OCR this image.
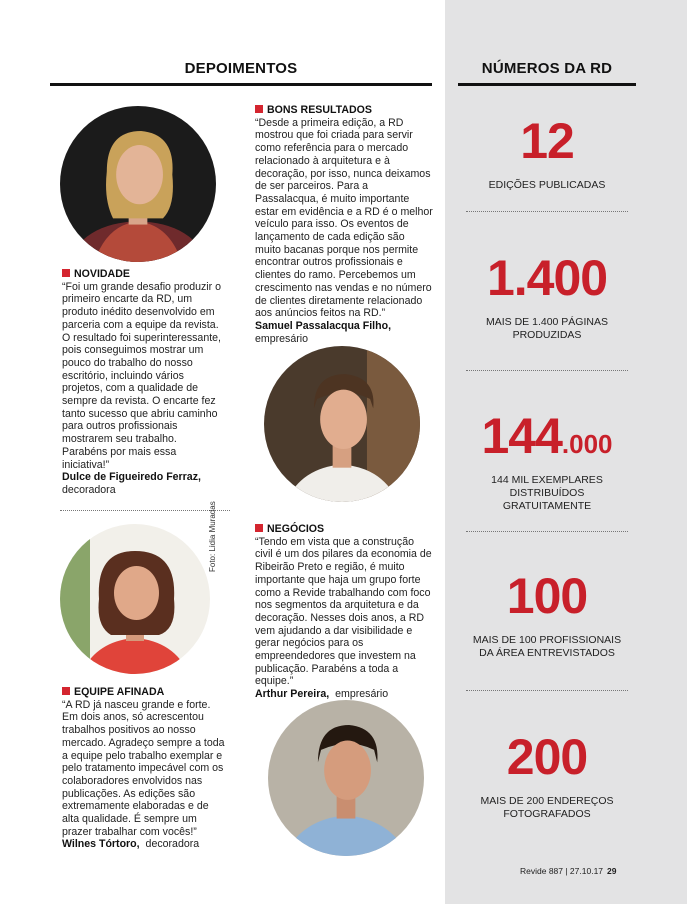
DEPOIMENTOS	NÚMEROS DA RD
NOVIDADE
“Foi um grande desafio produzir o primeiro encarte da RD, um produto inédito desenvolvido em parceria com a equipe da revista. O resultado foi superinteressante, pois conseguimos mostrar um pouco do trabalho do nosso escritório, incluindo vários projetos, com a qualidade de sempre da revista. O encarte fez tanto sucesso que abriu caminho para outros profissionais mostrarem seu trabalho. Parabéns por mais essa iniciativa!”
Dulce de Figueiredo Ferraz,
decoradora
Foto: Lidia Muradas
EQUIPE AFINADA
“A RD já nasceu grande e forte. Em dois anos, só acrescentou trabalhos positivos ao nosso mercado. Agradeço sempre a toda a equipe pelo trabalho exemplar e pelo tratamento impecável com os colaboradores envolvidos nas publicações. As edições são extremamente elaboradas e de alta qualidade. É sempre um prazer trabalhar com vocês!”
Wilnes Tórtoro, decoradora
BONS RESULTADOS
“Desde a primeira edição, a RD mostrou que foi criada para servir como referência para o mercado relacionado à arquitetura e à decoração, por isso, nunca deixamos de ser parceiros. Para a Passalacqua, é muito importante estar em evidência e a RD é o melhor veículo para isso. Os eventos de lançamento de cada edição são muito bacanas porque nos permite encontrar outros profissionais e clientes do ramo. Percebemos um crescimento nas vendas e no número de clientes diretamente relacionado aos anúncios feitos na RD.”
Samuel Passalacqua Filho,
empresário
NEGÓCIOS
“Tendo em vista que a construção civil é um dos pilares da economia de Ribeirão Preto e região, é muito importante que haja um grupo forte como a Revide trabalhando com foco nos segmentos da arquitetura e da decoração. Nesses dois anos, a RD vem ajudando a dar visibilidade e gerar negócios para os empreendedores que investem na publicação. Parabéns a toda a equipe.”
Arthur Pereira, empresário
12
EDIÇÕES PUBLICADAS
1.400
MAIS DE 1.400 PÁGINAS PRODUZIDAS
144.000
144 MIL EXEMPLARES DISTRIBUÍDOS GRATUITAMENTE
100
MAIS DE 100 PROFISSIONAIS DA ÁREA ENTREVISTADOS
200
MAIS DE 200 ENDEREÇOS FOTOGRAFADOS
Revide 887 | 27.10.17 29
